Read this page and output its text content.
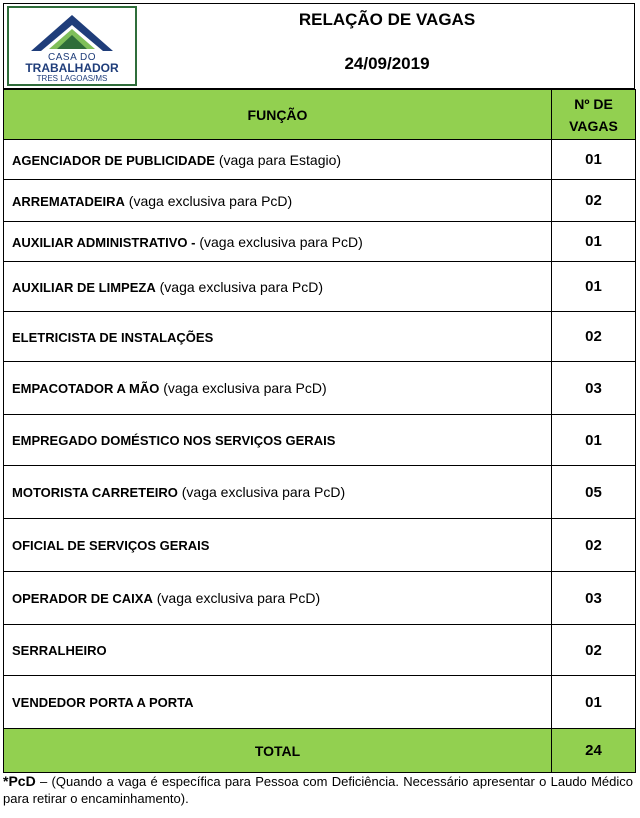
CASA DO
TRABALHADOR
TRES LAGOAS/MS
RELAÇÃO DE VAGAS
24/09/2019
FUNÇÃO	Nº DE
VAGAS
AGENCIADOR DE PUBLICIDADE (vaga para Estagio)	01
ARREMATADEIRA (vaga exclusiva para PcD)	02
AUXILIAR ADMINISTRATIVO - (vaga exclusiva para PcD)	01
AUXILIAR DE LIMPEZA (vaga exclusiva para PcD)	01
ELETRICISTA DE INSTALAÇÕES	02
EMPACOTADOR A MÃO (vaga exclusiva para PcD)	03
EMPREGADO DOMÉSTICO NOS SERVIÇOS GERAIS	01
MOTORISTA CARRETEIRO (vaga exclusiva para PcD)	05
OFICIAL DE SERVIÇOS GERAIS	02
OPERADOR DE CAIXA (vaga exclusiva para PcD)	03
SERRALHEIRO	02
VENDEDOR PORTA A PORTA	01
TOTAL	24
*PcD – (Quando a vaga é específica para Pessoa com Deficiência. Necessário apresentar o Laudo Médico para retirar o encaminhamento).
